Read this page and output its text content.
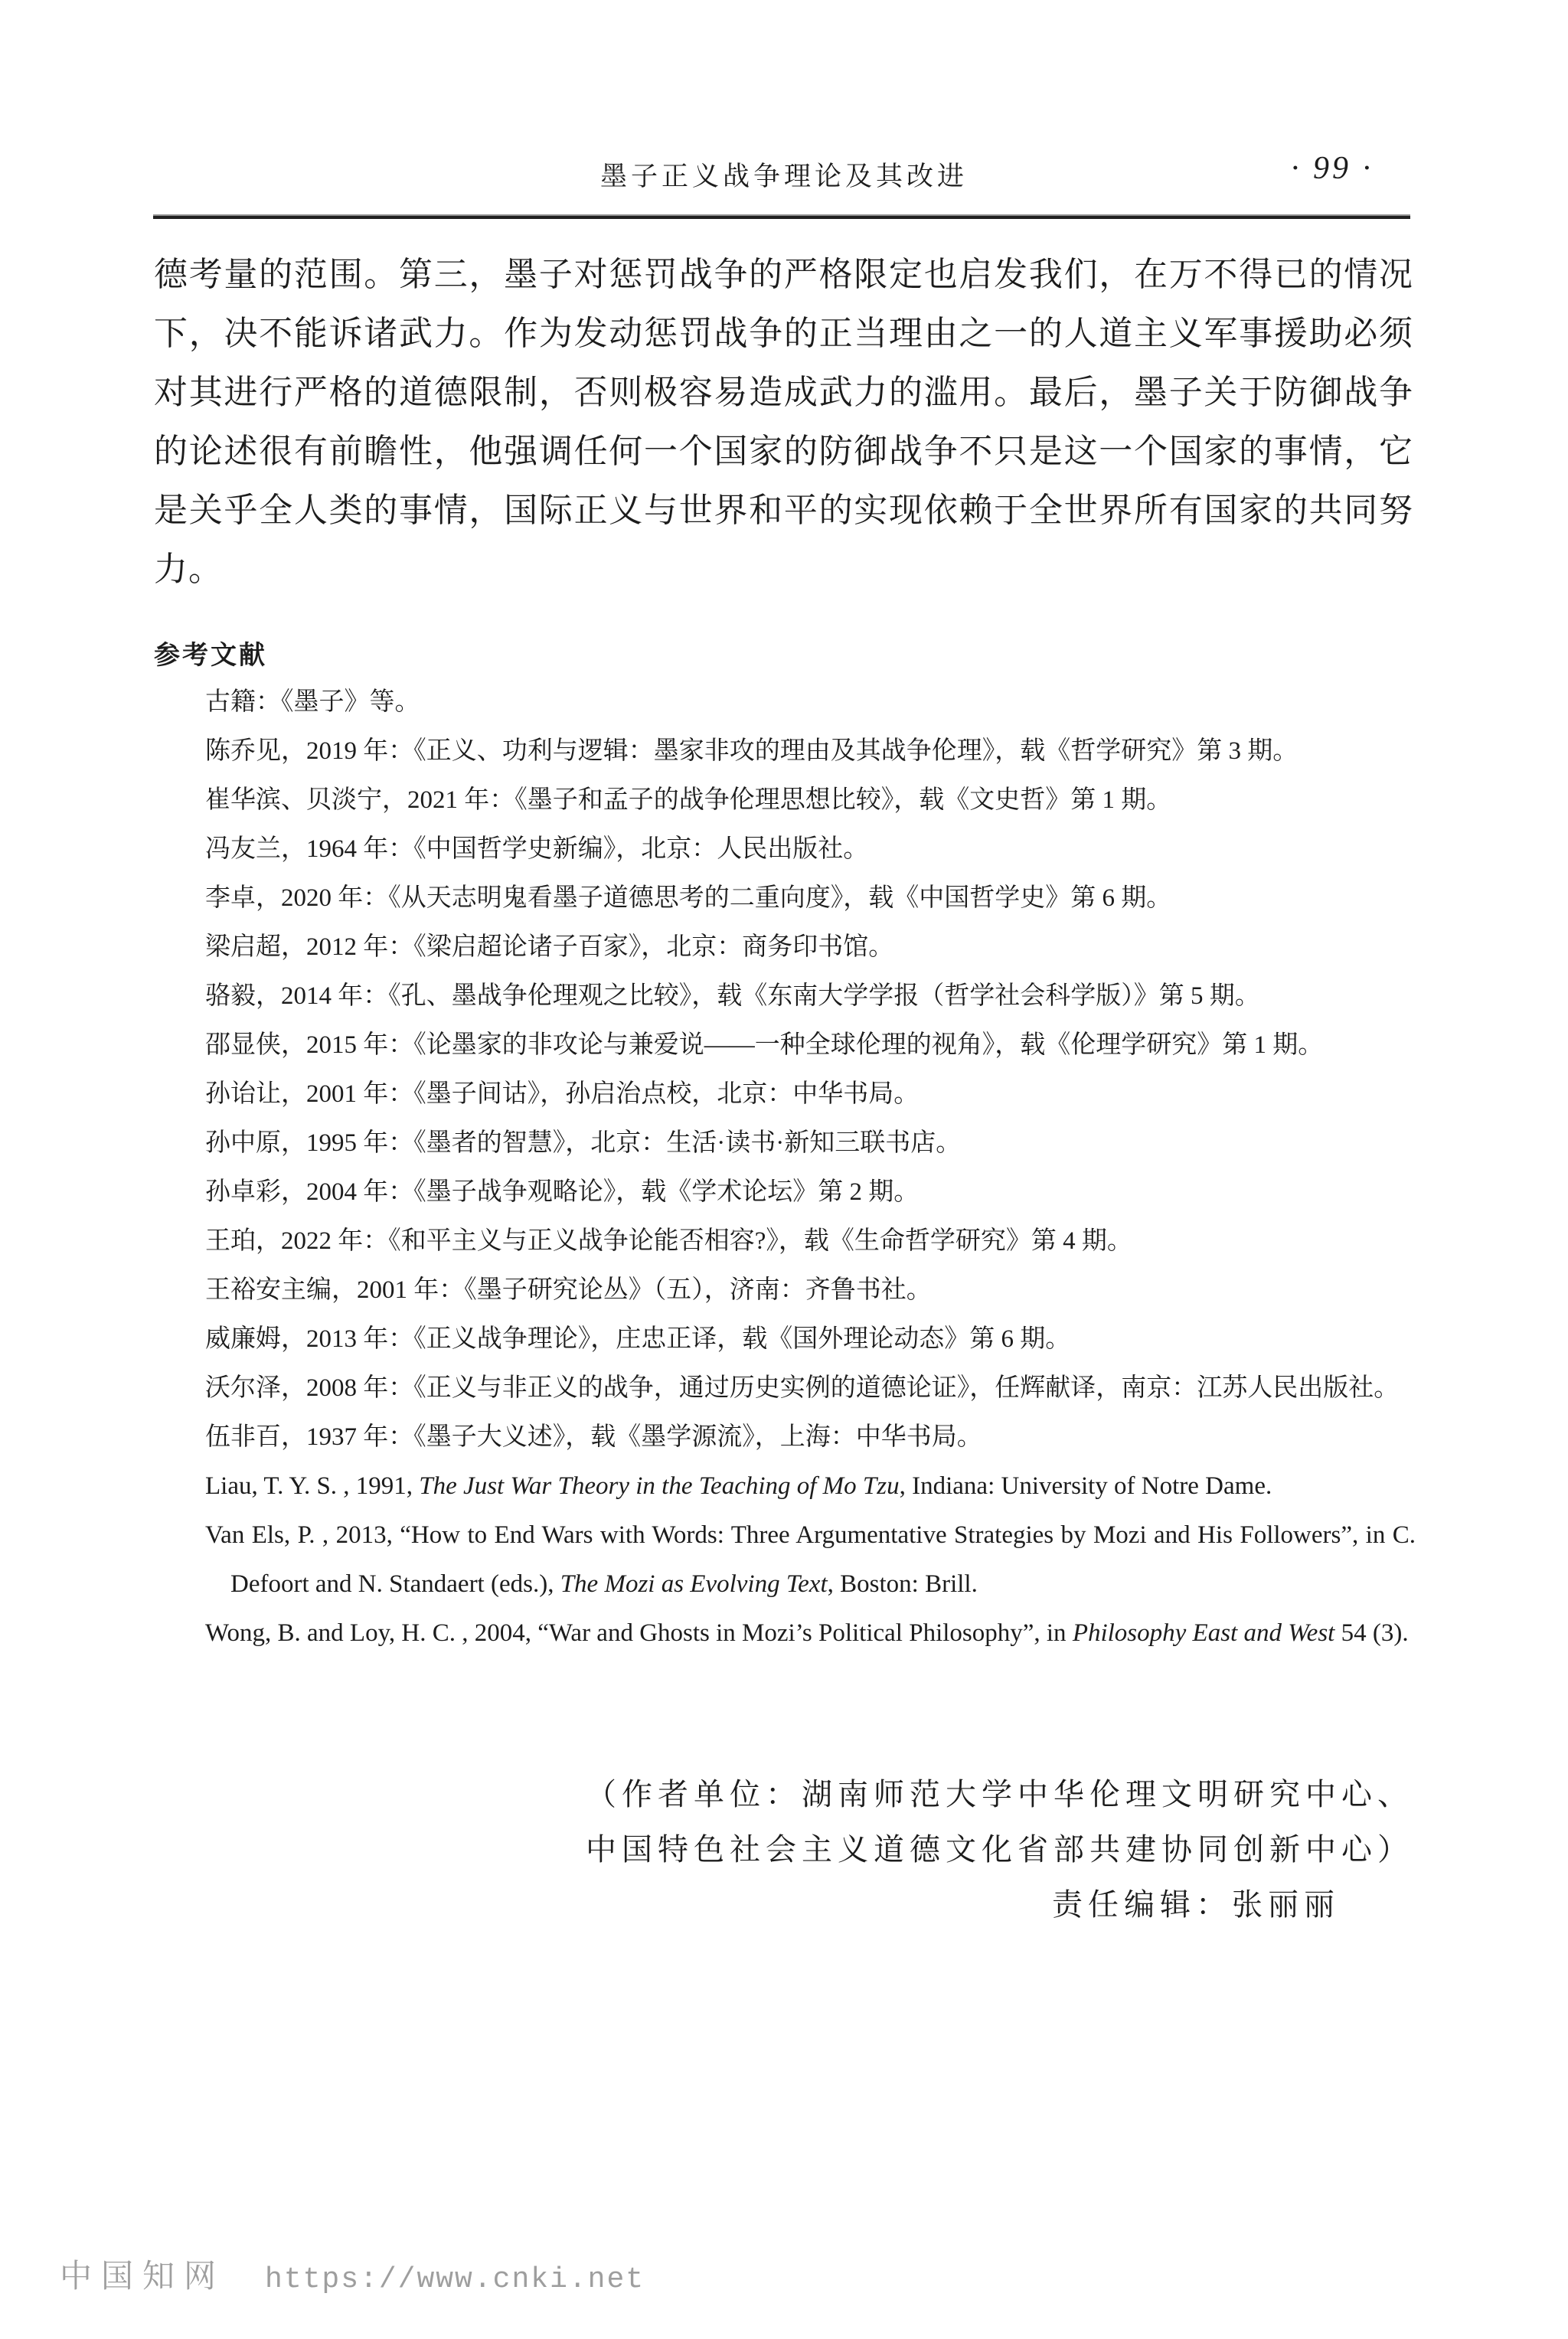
墨子正义战争理论及其改进	· 99 ·
德考量的范围。第三，墨子对惩罚战争的严格限定也启发我们，在万不得已的情况下，决不能诉诸武力。作为发动惩罚战争的正当理由之一的人道主义军事援助必须对其进行严格的道德限制，否则极容易造成武力的滥用。最后，墨子关于防御战争的论述很有前瞻性，他强调任何一个国家的防御战争不只是这一个国家的事情，它是关乎全人类的事情，国际正义与世界和平的实现依赖于全世界所有国家的共同努力。
参考文献
古籍：《墨子》等。
陈乔见，2019 年：《正义、功利与逻辑：墨家非攻的理由及其战争伦理》，载《哲学研究》第 3 期。
崔华滨、贝淡宁，2021 年：《墨子和孟子的战争伦理思想比较》，载《文史哲》第 1 期。
冯友兰，1964 年：《中国哲学史新编》，北京：人民出版社。
李卓，2020 年：《从天志明鬼看墨子道德思考的二重向度》，载《中国哲学史》第 6 期。
梁启超，2012 年：《梁启超论诸子百家》，北京：商务印书馆。
骆毅，2014 年：《孔、墨战争伦理观之比较》，载《东南大学学报（哲学社会科学版）》第 5 期。
邵显侠，2015 年：《论墨家的非攻论与兼爱说——一种全球伦理的视角》，载《伦理学研究》第 1 期。
孙诒让，2001 年：《墨子间诂》，孙启治点校，北京：中华书局。
孙中原，1995 年：《墨者的智慧》，北京：生活·读书·新知三联书店。
孙卓彩，2004 年：《墨子战争观略论》，载《学术论坛》第 2 期。
王珀，2022 年：《和平主义与正义战争论能否相容?》，载《生命哲学研究》第 4 期。
王裕安主编，2001 年：《墨子研究论丛》（五），济南：齐鲁书社。
威廉姆，2013 年：《正义战争理论》，庄忠正译，载《国外理论动态》第 6 期。
沃尔泽，2008 年：《正义与非正义的战争，通过历史实例的道德论证》，任辉献译，南京：江苏人民出版社。
伍非百，1937 年：《墨子大义述》，载《墨学源流》，上海：中华书局。
Liau, T. Y. S. , 1991, The Just War Theory in the Teaching of Mo Tzu, Indiana: University of Notre Dame.
Van Els, P. , 2013, “How to End Wars with Words: Three Argumentative Strategies by Mozi and His Followers”, in C. Defoort and N. Standaert (eds.), The Mozi as Evolving Text, Boston: Brill.
Wong, B. and Loy, H. C. , 2004, “War and Ghosts in Mozi’s Political Philosophy”, in Philosophy East and West 54 (3).
（作者单位：湖南师范大学中华伦理文明研究中心、
中国特色社会主义道德文化省部共建协同创新中心）
责任编辑：张丽丽
中国知网 https://www.cnki.net
